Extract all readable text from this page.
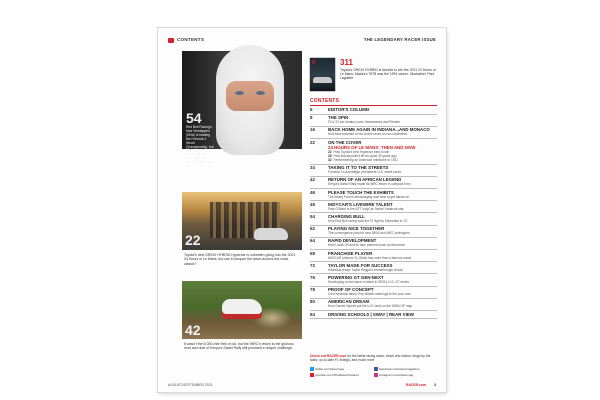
CONTENTS	THE LEGENDARY RACER ISSUE
54
Red Bull Racing's Max Verstappen (NDA) is leading the Formula 1 World Championship, but Mercedes and Lewis Hamilton won't give up without a fight. It's on!
22
Toyota's new GR010 HYBRID Hypercar is unbeaten going into the 2021 24 Hours of Le Mans, but can it conquer the twice-around-the-clock classic?
42
It wasn't the 5,000-mile trek of old, but the WRC's return to the glorious mud and dust of Kenya's Safari Rally still provided a unique challenge.
R	311
Toyota's GR010 HYBRID is favorite to win the 2021 24 Hours of Le Mans; Mazda's 787B was the 1991 winner. Illustration: Paul Laguette
CONTENTS
6	EDITOR'S COLUMN
8	THE SPIN
F1's '22 car breaks cover; Newsweeks and Penske
16	BACK HOME AGAIN IN INDIANA...AND MONACO
How fans returned to two iconic races on two continents
22	ON THE COVER
24 HOURS OF LE MANS: THEN AND NOW
22 How Toyota's new Hypercar tried to win
28 How Mazda pulled off an upset 30 years ago
32 Remembering an American milestone in 1921
34	TAKING IT TO THE STREETS
Formula 1's Azerbaijan permanent U.S. street races
42	RETURN OF AN AFRICAN LEGEND
Kenya's Safari Rally made its WRC return in compact form
46	PLEASE TOUCH THE EXHIBITS
The library Ford is encouraging race fans to get hands-on
48	INDYCAR'S LIVEWIRE TALENT
Pato O'Ward is the NTT IndyCar Series' breakout star
54	CHARGING BULL
How Red Bull racing took the F1 fight to Mercedes in '21
62	PLAYING NICE TOGETHER
The convergence plan for new IMSA and WEC prototypes
64	RAPID DEVELOPMENT
How Lucas Oil and its race partners push performance
68	FRANCHISE PLAYER
NASCAR phenom Ty Gibbs has more than a famous name
72	TAYLOR MADE FOR SUCCESS
Historical recap: Taylor Rejiger's breakthrough victory
76	POWERING GT GEN-NEXT
Developing a new wave of talent in SRO's U.S. GT series
78	PROOF OF CONCEPT
Cool electrical takes; Roy Barber warnings to the pros now
80	AMERICAN DREAM
How Garrett Garrett put the U.S. back on the IMSA GP map
84	DRIVING SCHOOLS | SWAY | REAR VIEW
Check out RACER.com for the latest racing news, views and videos; blogs by the stars; up-to-date F1 listings; and much more
twitter.com/racermag	facebook.com/racermagazine
youtube.com/TheRacerChannel	instagram.com/racermag
AUGUST/SEPTEMBER 2021	RACER.com 3
